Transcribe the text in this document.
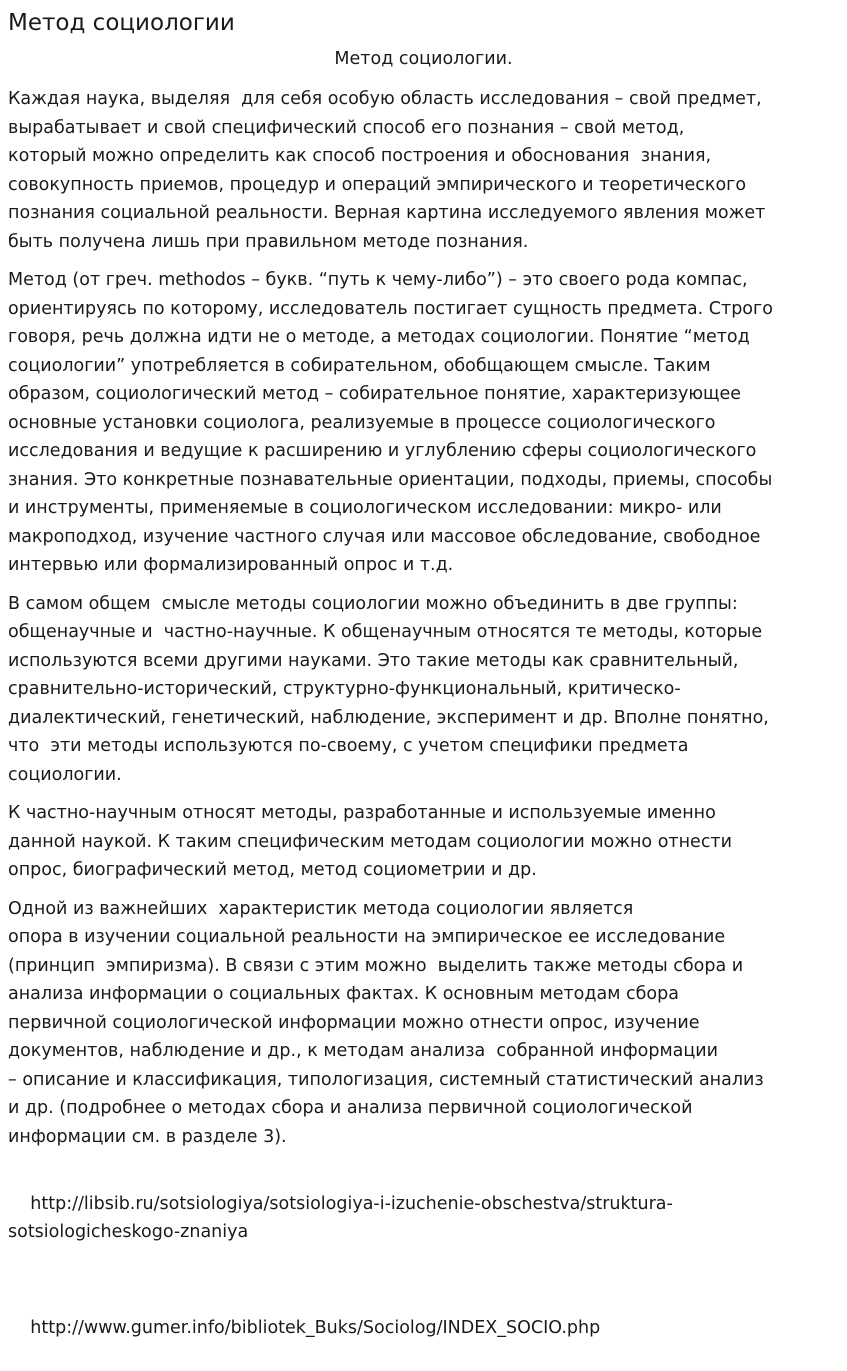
Метод социологии
Метод социологии.

Каждая наука, выделяя  для себя особую область исследования – свой предмет,
вырабатывает и свой специфический способ его познания – свой метод,
который можно определить как способ построения и обоснования  знания,
совокупность приемов, процедур и операций эмпирического и теоретического
познания социальной реальности. Верная картина исследуемого явления может
быть получена лишь при правильном методе познания.

Метод (от греч. methodos – букв. “путь к чему-либо”) – это своего рода компас,
ориентируясь по которому, исследователь постигает сущность предмета. Строго
говоря, речь должна идти не о методе, а методах социологии. Понятие “метод
социологии” употребляется в собирательном, обобщающем смысле. Таким
образом, социологический метод – собирательное понятие, характеризующее
основные установки социолога, реализуемые в процессе социологического
исследования и ведущие к расширению и углублению сферы социологического
знания. Это конкретные познавательные ориентации, подходы, приемы, способы
и инструменты, применяемые в социологическом исследовании: микро- или
макроподход, изучение частного случая или массовое обследование, свободное
интервью или формализированный опрос и т.д.

В самом общем  смысле методы социологии можно объединить в две группы:
общенаучные и  частно-научные. К общенаучным относятся те методы, которые
используются всеми другими науками. Это такие методы как сравнительный,
сравнительно-исторический, структурно-функциональный, критическо-
диалектический, генетический, наблюдение, эксперимент и др. Вполне понятно,
что  эти методы используются по-своему, с учетом специфики предмета
социологии.

К частно-научным относят методы, разработанные и используемые именно
данной наукой. К таким специфическим методам социологии можно отнести
опрос, биографический метод, метод социометрии и др.

Одной из важнейших  характеристик метода социологии является
опора в изучении социальной реальности на эмпирическое ее исследование
(принцип  эмпиризма). В связи с этим можно  выделить также методы сбора и
анализа информации о социальных фактах. К основным методам сбора
первичной социологической информации можно отнести опрос, изучение
документов, наблюдение и др., к методам анализа  собранной информации
– описание и классификация, типологизация, системный статистический анализ
и др. (подробнее о методах сбора и анализа первичной социологической
информации см. в разделе 3).

http://libsib.ru/sotsiologiya/sotsiologiya-i-izuchenie-obschestva/struktura-
sotsiologicheskogo-znaniya

http://www.gumer.info/bibliotek_Buks/Sociolog/INDEX_SOCIO.php
